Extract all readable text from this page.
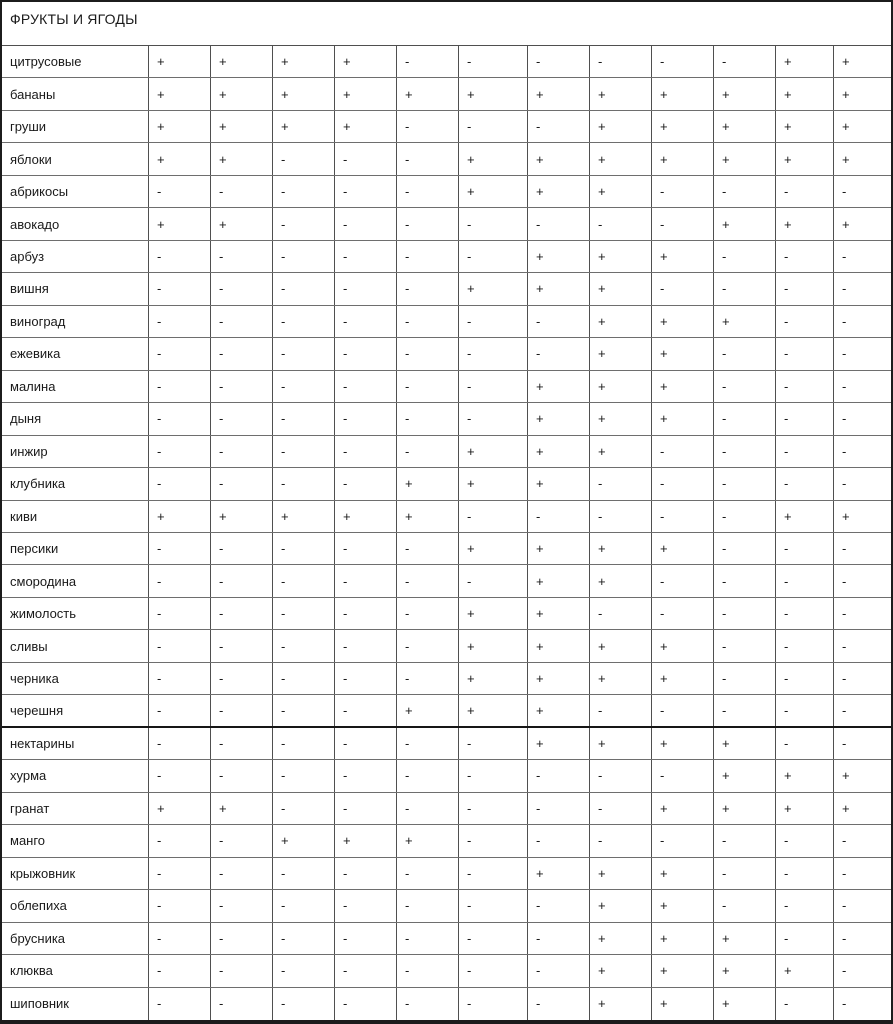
ФРУКТЫ И ЯГОДЫ
цитрусовые	+	+	+	+	-	-	-	-	-	-	+	+
бананы	+	+	+	+	+	+	+	+	+	+	+	+
груши	+	+	+	+	-	-	-	+	+	+	+	+
яблоки	+	+	-	-	-	+	+	+	+	+	+	+
абрикосы	-	-	-	-	-	+	+	+	-	-	-	-
авокадо	+	+	-	-	-	-	-	-	-	+	+	+
арбуз	-	-	-	-	-	-	+	+	+	-	-	-
вишня	-	-	-	-	-	+	+	+	-	-	-	-
виноград	-	-	-	-	-	-	-	+	+	+	-	-
ежевика	-	-	-	-	-	-	-	+	+	-	-	-
малина	-	-	-	-	-	-	+	+	+	-	-	-
дыня	-	-	-	-	-	-	+	+	+	-	-	-
инжир	-	-	-	-	-	+	+	+	-	-	-	-
клубника	-	-	-	-	+	+	+	-	-	-	-	-
киви	+	+	+	+	+	-	-	-	-	-	+	+
персики	-	-	-	-	-	+	+	+	+	-	-	-
смородина	-	-	-	-	-	-	+	+	-	-	-	-
жимолость	-	-	-	-	-	+	+	-	-	-	-	-
сливы	-	-	-	-	-	+	+	+	+	-	-	-
черника	-	-	-	-	-	+	+	+	+	-	-	-
черешня	-	-	-	-	+	+	+	-	-	-	-	-
нектарины	-	-	-	-	-	-	+	+	+	+	-	-
хурма	-	-	-	-	-	-	-	-	-	+	+	+
гранат	+	+	-	-	-	-	-	-	+	+	+	+
манго	-	-	+	+	+	-	-	-	-	-	-	-
крыжовник	-	-	-	-	-	-	+	+	+	-	-	-
облепиха	-	-	-	-	-	-	-	+	+	-	-	-
брусника	-	-	-	-	-	-	-	+	+	+	-	-
клюква	-	-	-	-	-	-	-	+	+	+	+	-
шиповник	-	-	-	-	-	-	-	+	+	+	-	-
